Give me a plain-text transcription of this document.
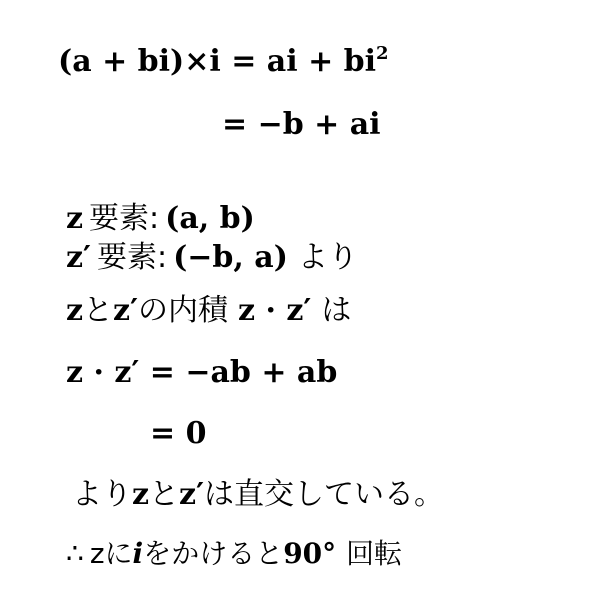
(a + bi)×i = ai + $bi^2$
= −b + ai
z 要素: (a, b)
z′ 要素: (−b, a) より
zとz′の内積 z · z′ は
z · z′ = −ab + ab
= 0
よりzとz′は直交している。
∴ zにiをかけると90° 回転
